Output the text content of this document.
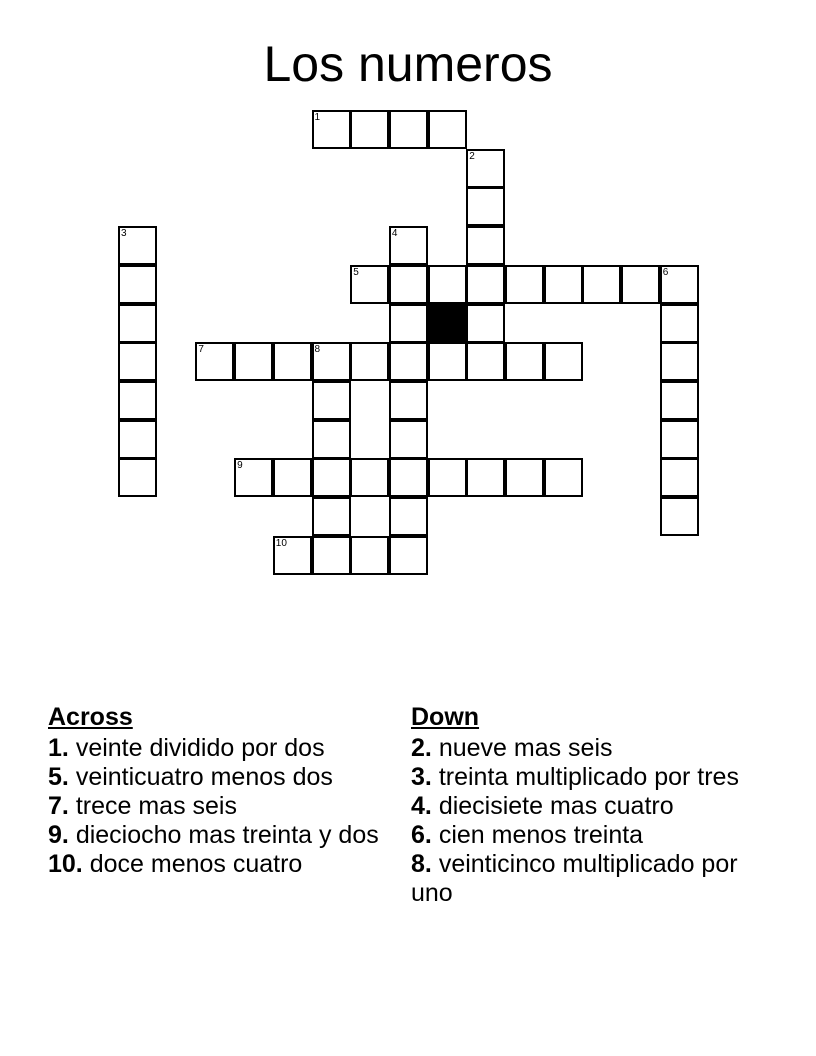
Los numeros
1
5	6
7	8
9
10
2
3	4
Across

1. veinte dividido por dos

5. veinticuatro menos dos

7. trece mas seis

9. dieciocho mas treinta y dos

10. doce menos cuatro

Down

2. nueve mas seis

3. treinta multiplicado por tres

4. diecisiete mas cuatro

6. cien menos treinta

8. veinticinco multiplicado por uno
